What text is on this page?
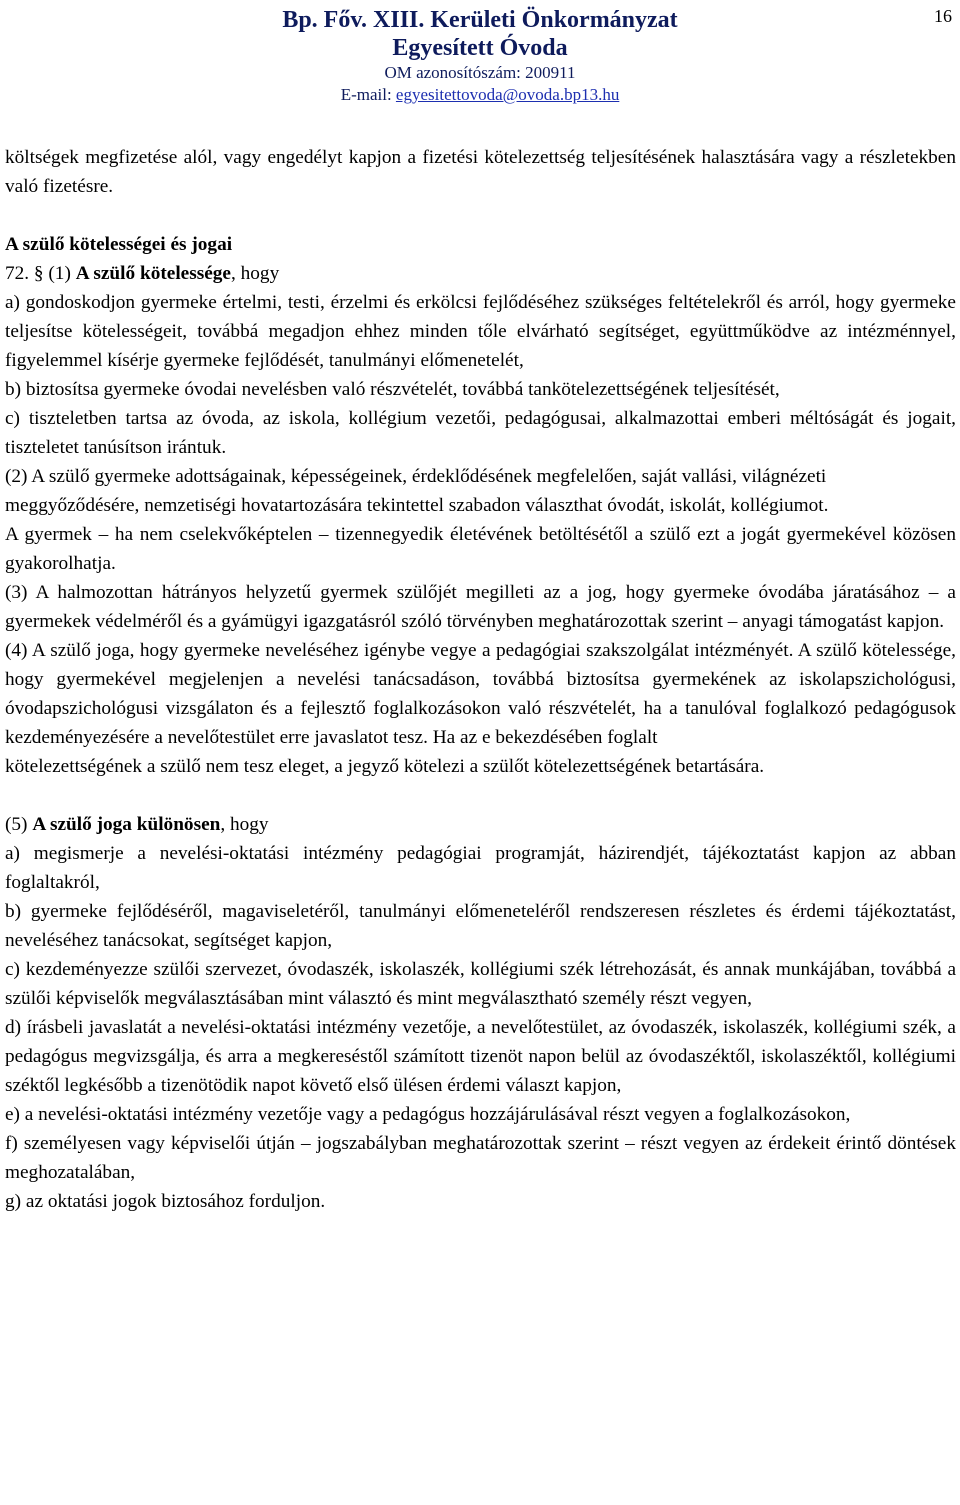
Bp. Főv. XIII. Kerületi Önkormányzat
Egyesített Óvoda
OM azonosítószám: 200911
E-mail: egyesitettovoda@ovoda.bp13.hu
16

költségek megfizetése alól, vagy engedélyt kapjon a fizetési kötelezettség teljesítésének halasztására vagy a részletekben való fizetésre.

A szülő kötelességei és jogai

72. § (1) A szülő kötelessége, hogy

a) gondoskodjon gyermeke értelmi, testi, érzelmi és erkölcsi fejlődéséhez szükséges feltételekről és arról, hogy gyermeke teljesítse kötelességeit, továbbá megadjon ehhez minden tőle elvárható segítséget, együttműködve az intézménnyel, figyelemmel kísérje gyermeke fejlődését, tanulmányi előmenetelét,

b) biztosítsa gyermeke óvodai nevelésben való részvételét, továbbá tankötelezettségének teljesítését,

c) tiszteletben tartsa az óvoda, az iskola, kollégium vezetői, pedagógusai, alkalmazottai emberi méltóságát és jogait, tiszteletet tanúsítson irántuk.

(2) A szülő gyermeke adottságainak, képességeinek, érdeklődésének megfelelően, saját vallási, világnézeti

meggyőződésére, nemzetiségi hovatartozására tekintettel szabadon választhat óvodát, iskolát, kollégiumot.

A gyermek – ha nem cselekvőképtelen – tizennegyedik életévének betöltésétől a szülő ezt a jogát gyermekével közösen gyakorolhatja.

(3) A halmozottan hátrányos helyzetű gyermek szülőjét megilleti az a jog, hogy gyermeke óvodába járatásához – a gyermekek védelméről és a gyámügyi igazgatásról szóló törvényben meghatározottak szerint – anyagi támogatást kapjon.

(4) A szülő joga, hogy gyermeke neveléséhez igénybe vegye a pedagógiai szakszolgálat intézményét. A szülő kötelessége, hogy gyermekével megjelenjen a nevelési tanácsadáson, továbbá biztosítsa gyermekének az iskolapszichológusi, óvodapszichológusi vizsgálaton és a fejlesztő foglalkozásokon való részvételét, ha a tanulóval foglalkozó pedagógusok kezdeményezésére a nevelőtestület erre javaslatot tesz. Ha az e bekezdésében foglalt

kötelezettségének a szülő nem tesz eleget, a jegyző kötelezi a szülőt kötelezettségének betartására.

(5) A szülő joga különösen, hogy

a) megismerje a nevelési-oktatási intézmény pedagógiai programját, házirendjét, tájékoztatást kapjon az abban foglaltakról,

b) gyermeke fejlődéséről, magaviseletéről, tanulmányi előmeneteléről rendszeresen részletes és érdemi tájékoztatást, neveléséhez tanácsokat, segítséget kapjon,

c) kezdeményezze szülői szervezet, óvodaszék, iskolaszék, kollégiumi szék létrehozását, és annak munkájában, továbbá a szülői képviselők megválasztásában mint választó és mint megválasztható személy részt vegyen,

d) írásbeli javaslatát a nevelési-oktatási intézmény vezetője, a nevelőtestület, az óvodaszék, iskolaszék, kollégiumi szék, a pedagógus megvizsgálja, és arra a megkereséstől számított tizenöt napon belül az óvodaszéktől, iskolaszéktől, kollégiumi széktől legkésőbb a tizenötödik napot követő első ülésen érdemi választ kapjon,

e) a nevelési-oktatási intézmény vezetője vagy a pedagógus hozzájárulásával részt vegyen a foglalkozásokon,

f) személyesen vagy képviselői útján – jogszabályban meghatározottak szerint – részt vegyen az érdekeit érintő döntések meghozatalában,

g) az oktatási jogok biztosához forduljon.
